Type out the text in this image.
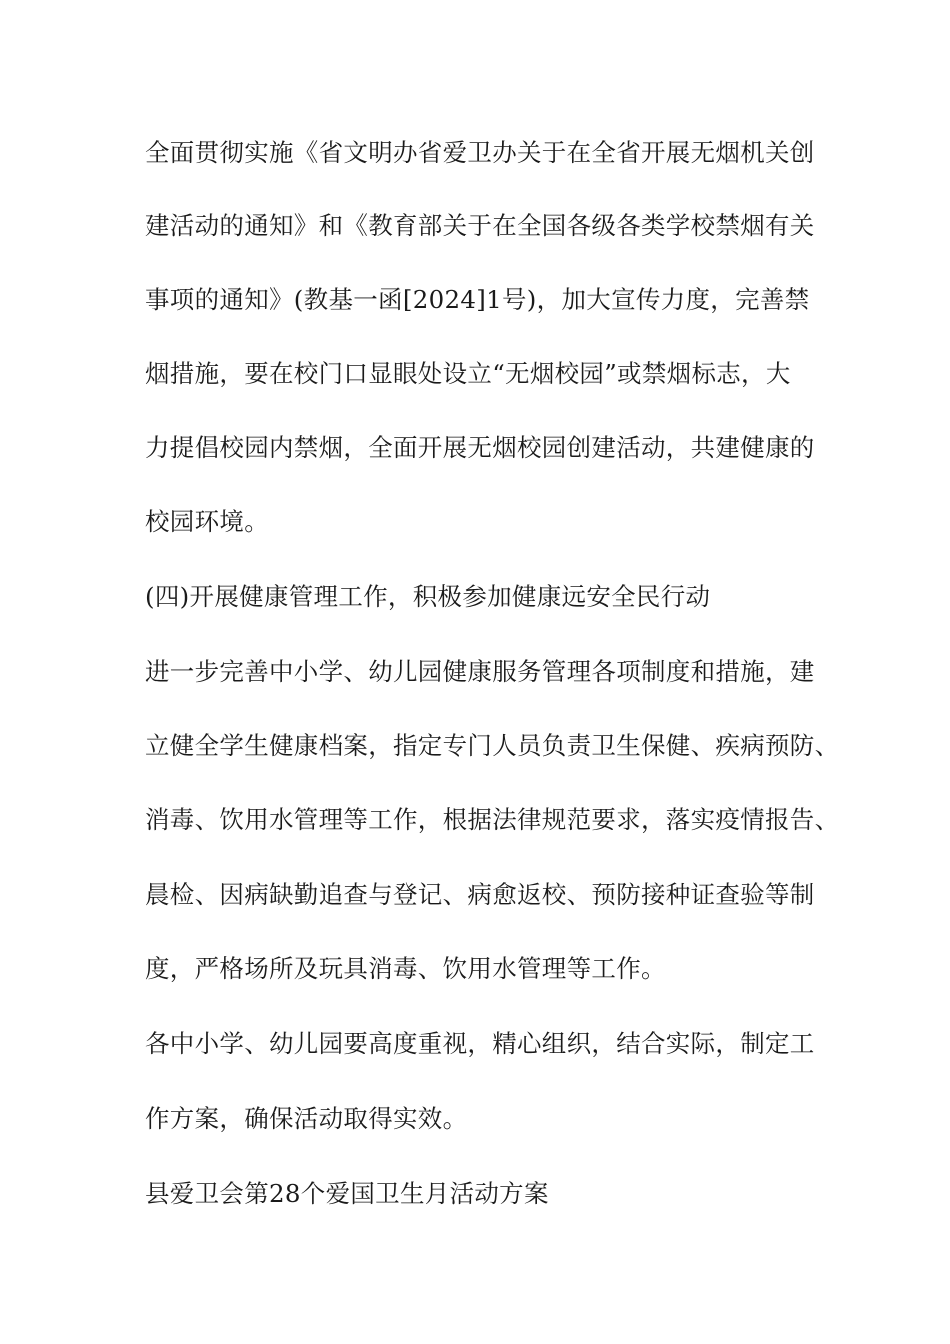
全面贯彻实施《省文明办省爱卫办关于在全省开展无烟机关创
建活动的通知》和《教育部关于在全国各级各类学校禁烟有关
事项的通知》(教基一函[2024]1号)，加大宣传力度，完善禁
烟措施，要在校门口显眼处设立“无烟校园”或禁烟标志，大
力提倡校园内禁烟，全面开展无烟校园创建活动，共建健康的
校园环境。
(四)开展健康管理工作，积极参加健康远安全民行动
进一步完善中小学、幼儿园健康服务管理各项制度和措施，建
立健全学生健康档案，指定专门人员负责卫生保健、疾病预防、
消毒、饮用水管理等工作，根据法律规范要求，落实疫情报告、
晨检、因病缺勤追查与登记、病愈返校、预防接种证查验等制
度，严格场所及玩具消毒、饮用水管理等工作。
各中小学、幼儿园要高度重视，精心组织，结合实际，制定工
作方案，确保活动取得实效。
县爱卫会第28个爱国卫生月活动方案
